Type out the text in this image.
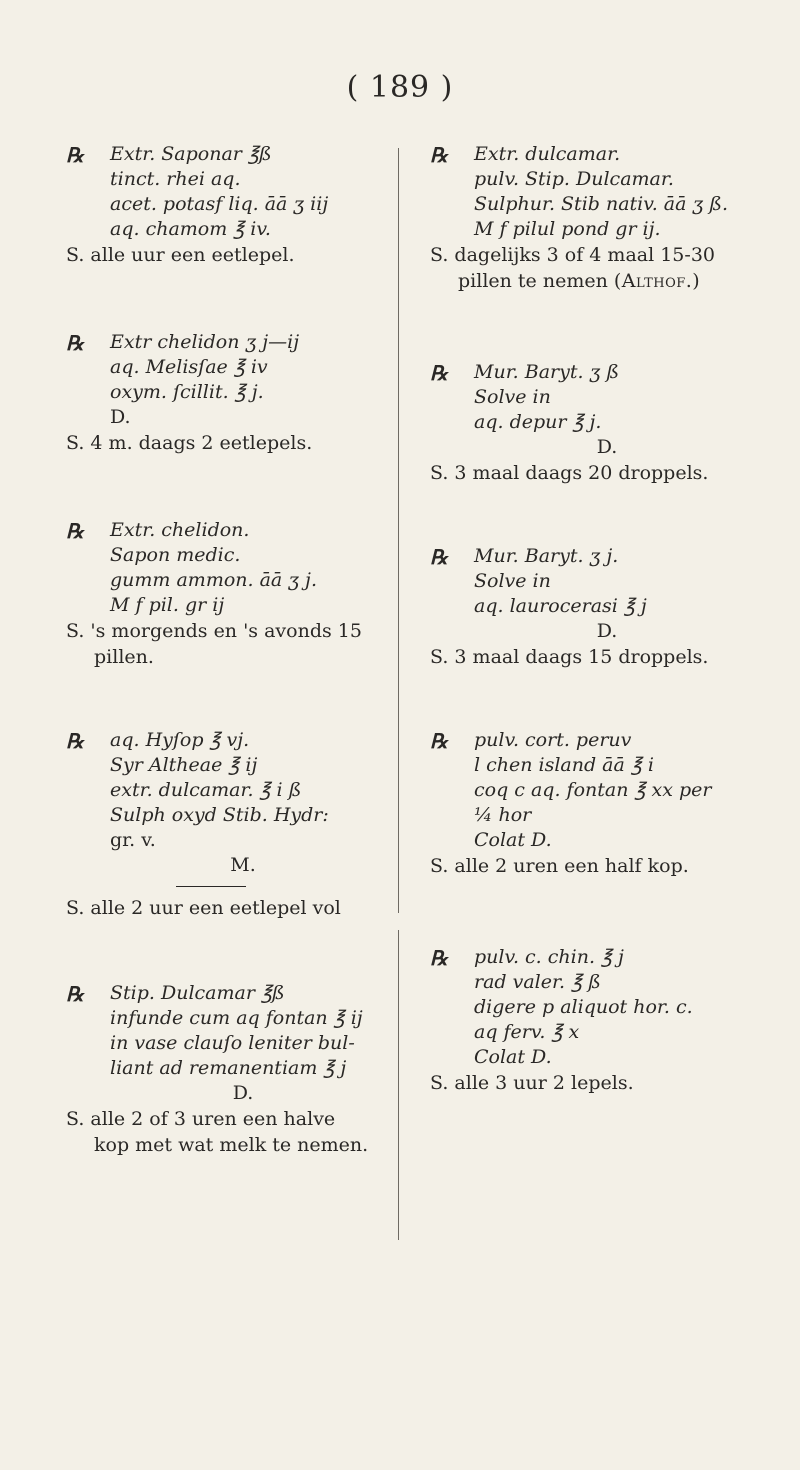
( 189 )
℞ Extr. Saponar ℥ß
tinct. rhei aq.
acet. potasf liq. āā ʒ iij
aq. chamom ℥ iv.
S. alle uur een eetlepel.
℞ Extr chelidon ʒ j—ij
aq. Melisſae ℥ iv
oxym. ſcillit. ℥ j.
D.
S. 4 m. daags 2 eetlepels.
℞ Extr. chelidon.
Sapon medic.
gumm ammon. āā ʒ j.
M f pil. gr ij
S. 's morgends en 's avonds 15
pillen.
℞ aq. Hyſop ℥ vj.
Syr Altheae ℥ ij
extr. dulcamar. ℥ i ß
Sulph oxyd Stib. Hydr:
gr. v.
M.
S. alle 2 uur een eetlepel vol
℞ Stip. Dulcamar ℥ß
infunde cum aq fontan ℥ ij
in vase clauſo leniter bul-
liant ad remanentiam ℥ j
D.
S. alle 2 of 3 uren een halve
kop met wat melk te nemen.
℞ Extr. dulcamar.
pulv. Stip. Dulcamar.
Sulphur. Stib nativ. āā ʒ ß.
M f pilul pond gr ij.
S. dagelijks 3 of 4 maal 15-30
pillen te nemen (Althof.)
℞ Mur. Baryt. ʒ ß
Solve in
aq. depur ℥ j.
D.
S. 3 maal daags 20 droppels.
℞ Mur. Baryt. ʒ j.
Solve in
aq. laurocerasi ℥ j
D.
S. 3 maal daags 15 droppels.
℞ pulv. cort. peruv
l chen island āā ℥ i
coq c aq. fontan ℥ xx per
¼ hor
Colat D.
S. alle 2 uren een half kop.
℞ pulv. c. chin. ℥ j
rad valer. ℥ ß
digere p aliquot hor. c.
aq ferv. ℥ x
Colat D.
S. alle 3 uur 2 lepels.
